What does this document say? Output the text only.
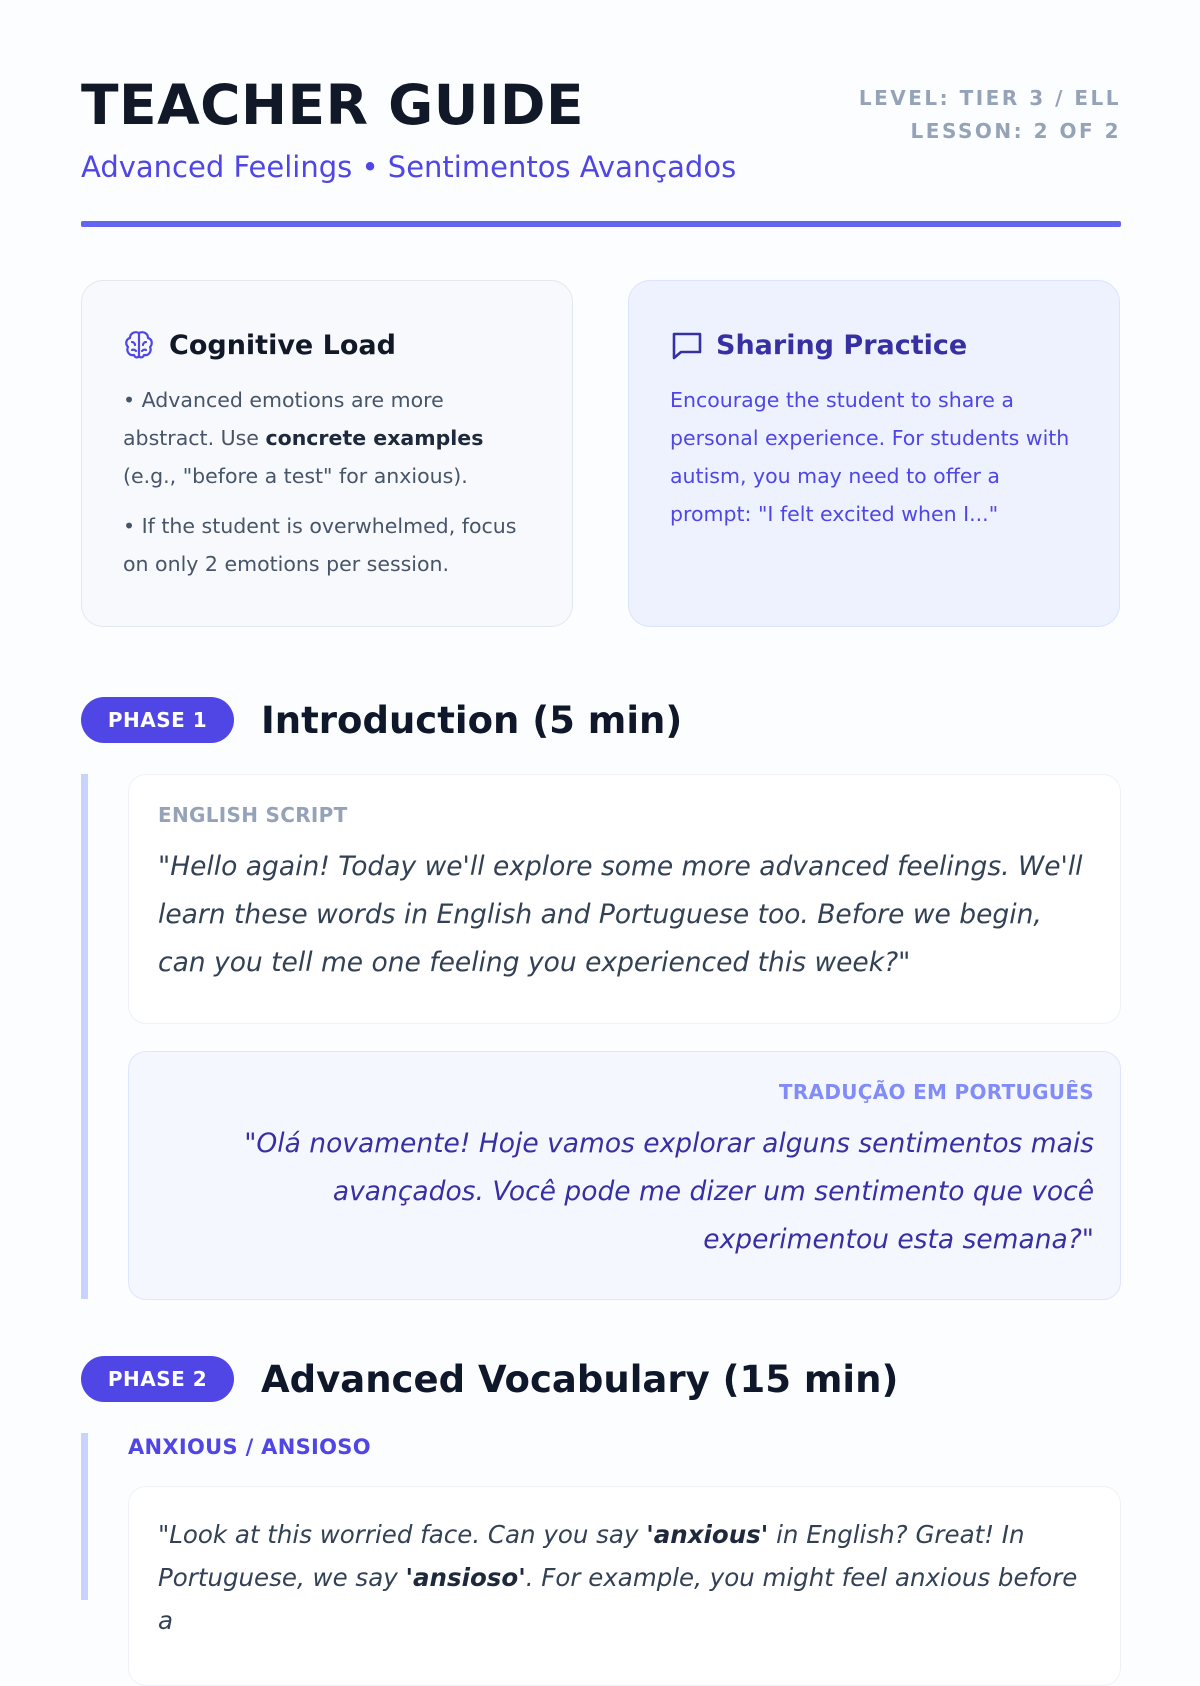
TEACHER GUIDE
Advanced Feelings • Sentimentos Avançados
LEVEL: TIER 3 / ELL
LESSON: 2 OF 2
Cognitive Load

• Advanced emotions are more abstract. Use concrete examples (e.g., "before a test" for anxious).

• If the student is overwhelmed, focus on only 2 emotions per session.

Sharing Practice

Encourage the student to share a personal experience. For students with autism, you may need to offer a prompt: "I felt excited when I..."

PHASE 1	Introduction (5 min)
ENGLISH SCRIPT
"Hello again! Today we'll explore some more advanced feelings. We'll learn these words in English and Portuguese too. Before we begin, can you tell me one feeling you experienced this week?"
TRADUÇÃO EM PORTUGUÊS
"Olá novamente! Hoje vamos explorar alguns sentimentos mais avançados. Você pode me dizer um sentimento que você experimentou esta semana?"
PHASE 2	Advanced Vocabulary (15 min)
ANXIOUS / ANSIOSO
"Look at this worried face. Can you say 'anxious' in English? Great! In Portuguese, we say 'ansioso'. For example, you might feel anxious before a
